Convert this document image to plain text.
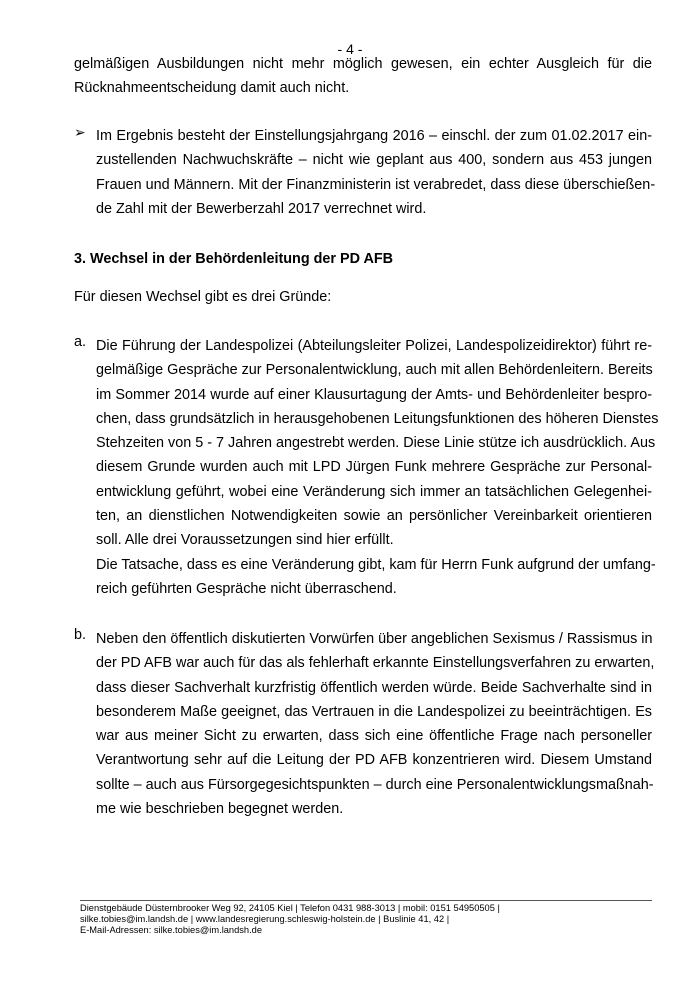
- 4 -
gelmäßigen Ausbildungen nicht mehr möglich gewesen, ein echter Ausgleich für die
Rücknahmeentscheidung damit auch nicht.
➢ Im Ergebnis besteht der Einstellungsjahrgang 2016 – einschl. der zum 01.02.2017 ein-
zustellenden Nachwuchskräfte – nicht wie geplant aus 400, sondern aus 453 jungen
Frauen und Männern. Mit der Finanzministerin ist verabredet, dass diese überschießen-
de Zahl mit der Bewerberzahl 2017 verrechnet wird.
3. Wechsel in der Behördenleitung der PD AFB
Für diesen Wechsel gibt es drei Gründe:
a. Die Führung der Landespolizei (Abteilungsleiter Polizei, Landespolizeidirektor) führt re-
gelmäßige Gespräche zur Personalentwicklung, auch mit allen Behördenleitern. Bereits
im Sommer 2014 wurde auf einer Klausurtagung der Amts- und Behördenleiter bespro-
chen, dass grundsätzlich in herausgehobenen Leitungsfunktionen des höheren Dienstes
Stehzeiten von 5 - 7 Jahren angestrebt werden. Diese Linie stütze ich ausdrücklich. Aus
diesem Grunde wurden auch mit LPD Jürgen Funk mehrere Gespräche zur Personal-
entwicklung geführt, wobei eine Veränderung sich immer an tatsächlichen Gelegenhei-
ten, an dienstlichen Notwendigkeiten sowie an persönlicher Vereinbarkeit orientieren
soll. Alle drei Voraussetzungen sind hier erfüllt.
Die Tatsache, dass es eine Veränderung gibt, kam für Herrn Funk aufgrund der umfang-
reich geführten Gespräche nicht überraschend.
b. Neben den öffentlich diskutierten Vorwürfen über angeblichen Sexismus / Rassismus in
der PD AFB war auch für das als fehlerhaft erkannte Einstellungsverfahren zu erwarten,
dass dieser Sachverhalt kurzfristig öffentlich werden würde. Beide Sachverhalte sind in
besonderem Maße geeignet, das Vertrauen in die Landespolizei zu beeinträchtigen. Es
war aus meiner Sicht zu erwarten, dass sich eine öffentliche Frage nach personeller
Verantwortung sehr auf die Leitung der PD AFB konzentrieren wird. Diesem Umstand
sollte – auch aus Fürsorgegesichtspunkten – durch eine Personalentwicklungsmaßnah-
me wie beschrieben begegnet werden.
Dienstgebäude Düsternbrooker Weg 92, 24105 Kiel | Telefon 0431 988-3013 | mobil: 0151 54950505 |
silke.tobies@im.landsh.de | www.landesregierung.schleswig-holstein.de | Buslinie 41, 42 |
E-Mail-Adressen: silke.tobies@im.landsh.de
